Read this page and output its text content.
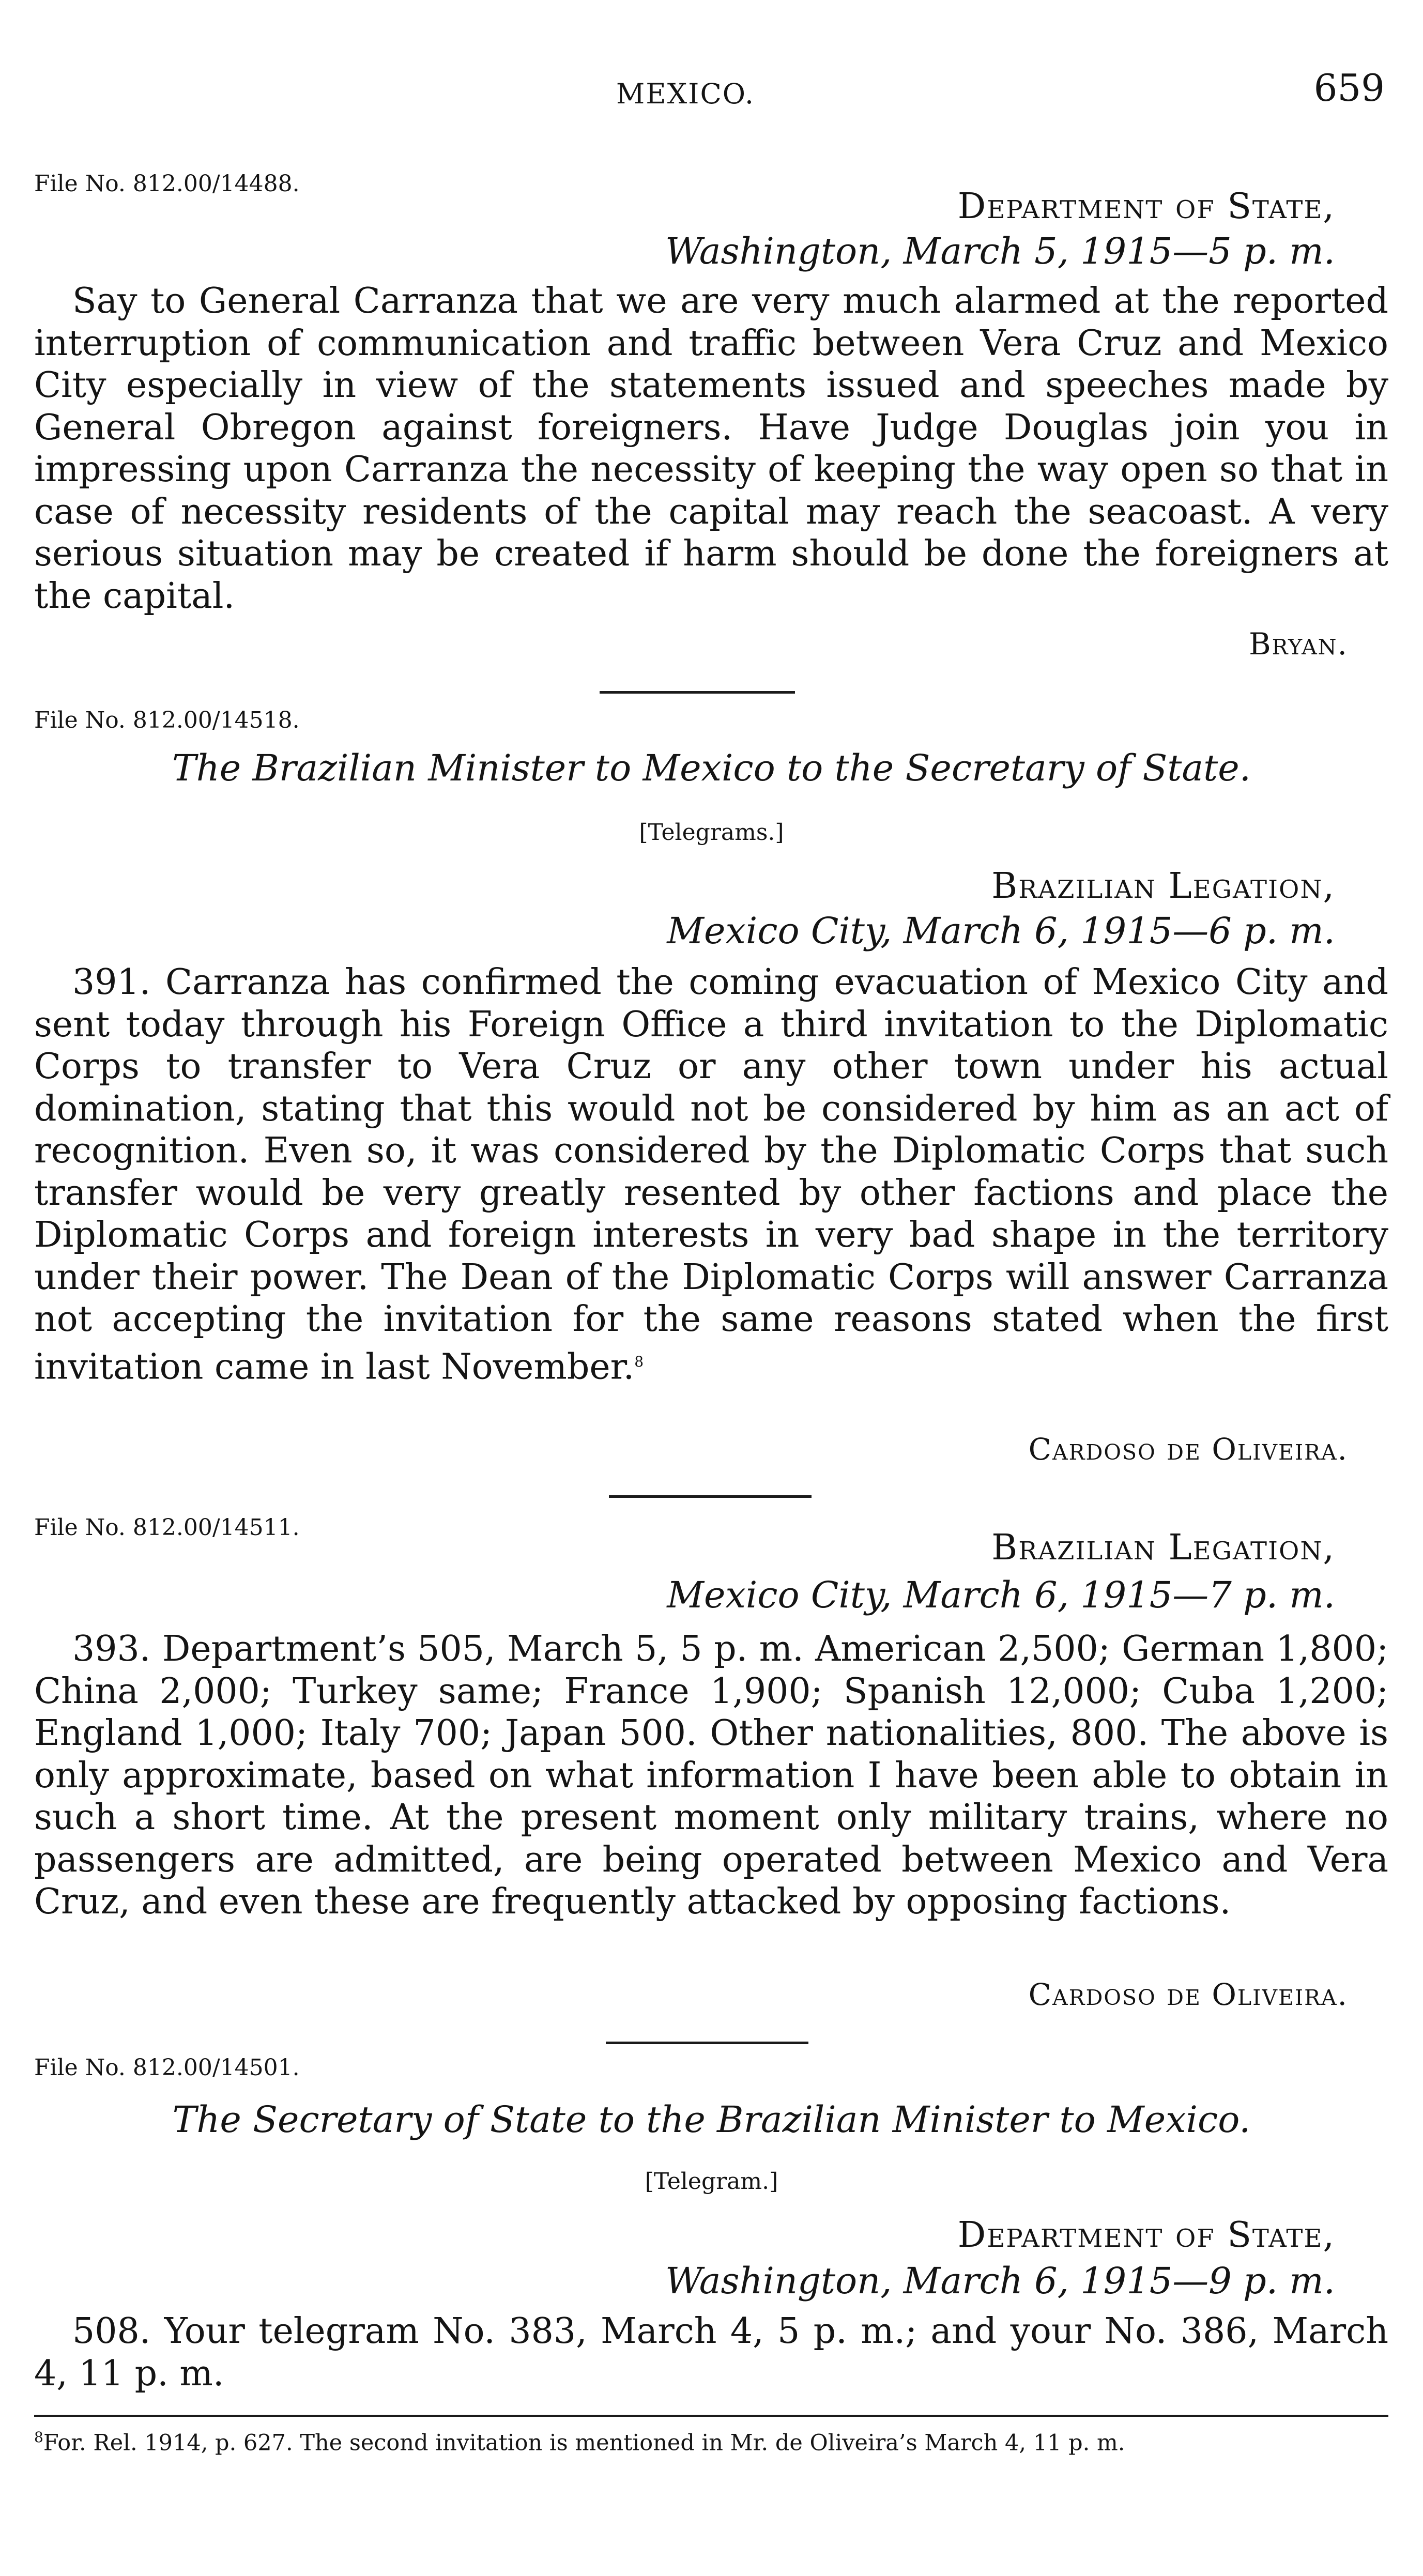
MEXICO.	659
File No. 812.00/14488.
Department of State,
Washington, March 5, 1915—5 p. m.

Say to General Carranza that we are very much alarmed at the reported interruption of communication and traffic between Vera Cruz and Mexico City especially in view of the statements issued and speeches made by General Obregon against foreigners. Have Judge Douglas join you in impressing upon Carranza the necessity of keeping the way open so that in case of necessity residents of the capital may reach the seacoast. A very serious situation may be created if harm should be done the foreigners at the capital.

Bryan.
File No. 812.00/14518.
The Brazilian Minister to Mexico to the Secretary of State.
[Telegrams.]
Brazilian Legation,
Mexico City, March 6, 1915—6 p. m.

391. Carranza has confirmed the coming evacuation of Mexico City and sent today through his Foreign Office a third invitation to the Diplomatic Corps to transfer to Vera Cruz or any other town under his actual domination, stating that this would not be considered by him as an act of recognition. Even so, it was considered by the Diplomatic Corps that such transfer would be very greatly resented by other factions and place the Diplomatic Corps and foreign interests in very bad shape in the territory under their power. The Dean of the Diplomatic Corps will answer Carranza not accepting the invitation for the same reasons stated when the first invitation came in last November.$^8$

Cardoso de Oliveira.
File No. 812.00/14511.	Brazilian Legation,
Mexico City, March 6, 1915—7 p. m.

393. Department’s 505, March 5, 5 p. m. American 2,500; German 1,800; China 2,000; Turkey same; France 1,900; Spanish 12,000; Cuba 1,200; England 1,000; Italy 700; Japan 500. Other nationalities, 800. The above is only approximate, based on what information I have been able to obtain in such a short time. At the present moment only military trains, where no passengers are admitted, are being operated between Mexico and Vera Cruz, and even these are frequently attacked by opposing factions.

Cardoso de Oliveira.
File No. 812.00/14501.
The Secretary of State to the Brazilian Minister to Mexico.
[Telegram.]
Department of State,
Washington, March 6, 1915—9 p. m.

508. Your telegram No. 383, March 4, 5 p. m.; and your No. 386, March 4, 11 p. m.

$^8$For. Rel. 1914, p. 627. The second invitation is mentioned in Mr. de Oliveira’s March 4, 11 p. m.
